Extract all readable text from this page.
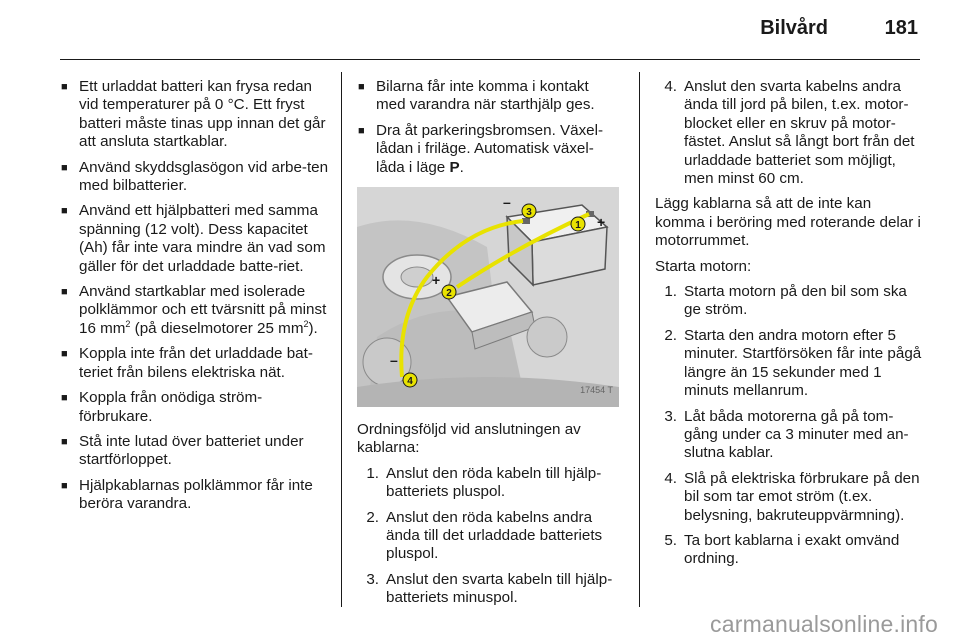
Bilvård	181
■ Ett urladdat batteri kan frysa redan vid temperaturer på 0 °C. Ett fryst batteri måste tinas upp innan det går att ansluta startkablar.
■ Använd skyddsglasögon vid arbe-ten med bilbatterier.
■ Använd ett hjälpbatteri med samma spänning (12 volt). Dess kapacitet (Ah) får inte vara mindre än vad som gäller för det urladdade batte-riet.
■ Använd startkablar med isolerade polklämmor och ett tvärsnitt på minst 16 $mm^2$ (på dieselmotorer 25 $mm^2$).
■ Koppla inte från det urladdade bat-teriet från bilens elektriska nät.
■ Koppla från onödiga ström-förbrukare.
■ Stå inte lutad över batteriet under startförloppet.
■ Hjälpkablarnas polklämmor får inte beröra varandra.
■ Bilarna får inte komma i kontakt med varandra när starthjälp ges.
■ Dra åt parkeringsbromsen. Växel-lådan i friläge. Automatisk växel-låda i läge P.
–
+
+
–
1
2
3
4
17454 T

Ordningsföljd vid anslutningen av kablarna:

1. Anslut den röda kabeln till hjälp-batteriets pluspol.
2. Anslut den röda kabelns andra ända till det urladdade batteriets pluspol.
3. Anslut den svarta kabeln till hjälp-batteriets minuspol.
4. Anslut den svarta kabelns andra ända till jord på bilen, t.ex. motor-blocket eller en skruv på motor-fästet. Anslut så långt bort från det urladdade batteriet som möjligt, men minst 60 cm.

Lägg kablarna så att de inte kan komma i beröring med roterande delar i motorrummet.

Starta motorn:

1. Starta motorn på den bil som ska ge ström.
2. Starta den andra motorn efter 5 minuter. Startförsöken får inte pågå längre än 15 sekunder med 1 minuts mellanrum.
3. Låt båda motorerna gå på tom-gång under ca 3 minuter med an-slutna kablar.
4. Slå på elektriska förbrukare på den bil som tar emot ström (t.ex. belysning, bakruteuppvärmning).
5. Ta bort kablarna i exakt omvänd ordning.
carmanualsonline.info
